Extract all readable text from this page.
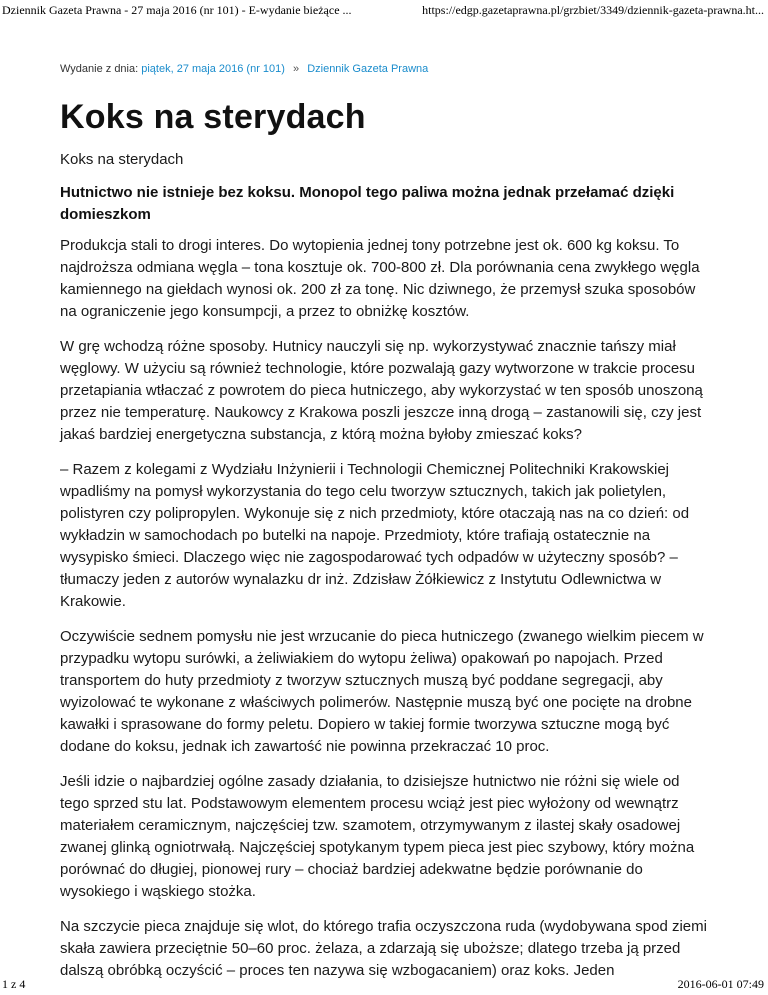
Dziennik Gazeta Prawna - 27 maja 2016 (nr 101) - E-wydanie bieżące ...	https://edgp.gazetaprawna.pl/grzbiet/3349/dziennik-gazeta-prawna.ht...
Wydanie z dnia: piątek, 27 maja 2016 (nr 101) » Dziennik Gazeta Prawna
Koks na sterydach

Koks na sterydach

Hutnictwo nie istnieje bez koksu. Monopol tego paliwa można jednak przełamać dzięki domieszkom

Produkcja stali to drogi interes. Do wytopienia jednej tony potrzebne jest ok. 600 kg koksu. To najdroższa odmiana węgla – tona kosztuje ok. 700-800 zł. Dla porównania cena zwykłego węgla kamiennego na giełdach wynosi ok. 200 zł za tonę. Nic dziwnego, że przemysł szuka sposobów na ograniczenie jego konsumpcji, a przez to obniżkę kosztów.

W grę wchodzą różne sposoby. Hutnicy nauczyli się np. wykorzystywać znacznie tańszy miał węglowy. W użyciu są również technologie, które pozwalają gazy wytworzone w trakcie procesu przetapiania wtłaczać z powrotem do pieca hutniczego, aby wykorzystać w ten sposób unoszoną przez nie temperaturę. Naukowcy z Krakowa poszli jeszcze inną drogą – zastanowili się, czy jest jakaś bardziej energetyczna substancja, z którą można byłoby zmieszać koks?

– Razem z kolegami z Wydziału Inżynierii i Technologii Chemicznej Politechniki Krakowskiej wpadliśmy na pomysł wykorzystania do tego celu tworzyw sztucznych, takich jak polietylen, polistyren czy polipropylen. Wykonuje się z nich przedmioty, które otaczają nas na co dzień: od wykładzin w samochodach po butelki na napoje. Przedmioty, które trafiają ostatecznie na wysypisko śmieci. Dlaczego więc nie zagospodarować tych odpadów w użyteczny sposób? – tłumaczy jeden z autorów wynalazku dr inż. Zdzisław Żółkiewicz z Instytutu Odlewnictwa w Krakowie.

Oczywiście sednem pomysłu nie jest wrzucanie do pieca hutniczego (zwanego wielkim piecem w przypadku wytopu surówki, a żeliwiakiem do wytopu żeliwa) opakowań po napojach. Przed transportem do huty przedmioty z tworzyw sztucznych muszą być poddane segregacji, aby wyizolować te wykonane z właściwych polimerów. Następnie muszą być one pocięte na drobne kawałki i sprasowane do formy peletu. Dopiero w takiej formie tworzywa sztuczne mogą być dodane do koksu, jednak ich zawartość nie powinna przekraczać 10 proc.

Jeśli idzie o najbardziej ogólne zasady działania, to dzisiejsze hutnictwo nie różni się wiele od tego sprzed stu lat. Podstawowym elementem procesu wciąż jest piec wyłożony od wewnątrz materiałem ceramicznym, najczęściej tzw. szamotem, otrzymywanym z ilastej skały osadowej zwanej glinką ogniotrwałą. Najczęściej spotykanym typem pieca jest piec szybowy, który można porównać do długiej, pionowej rury – chociaż bardziej adekwatne będzie porównanie do wysokiego i wąskiego stożka.

Na szczycie pieca znajduje się wlot, do którego trafia oczyszczona ruda (wydobywana spod ziemi skała zawiera przeciętnie 50–60 proc. żelaza, a zdarzają się uboższe; dlatego trzeba ją przed dalszą obróbką oczyścić – proces ten nazywa się wzbogacaniem) oraz koks. Jeden

1 z 4	2016-06-01 07:49
